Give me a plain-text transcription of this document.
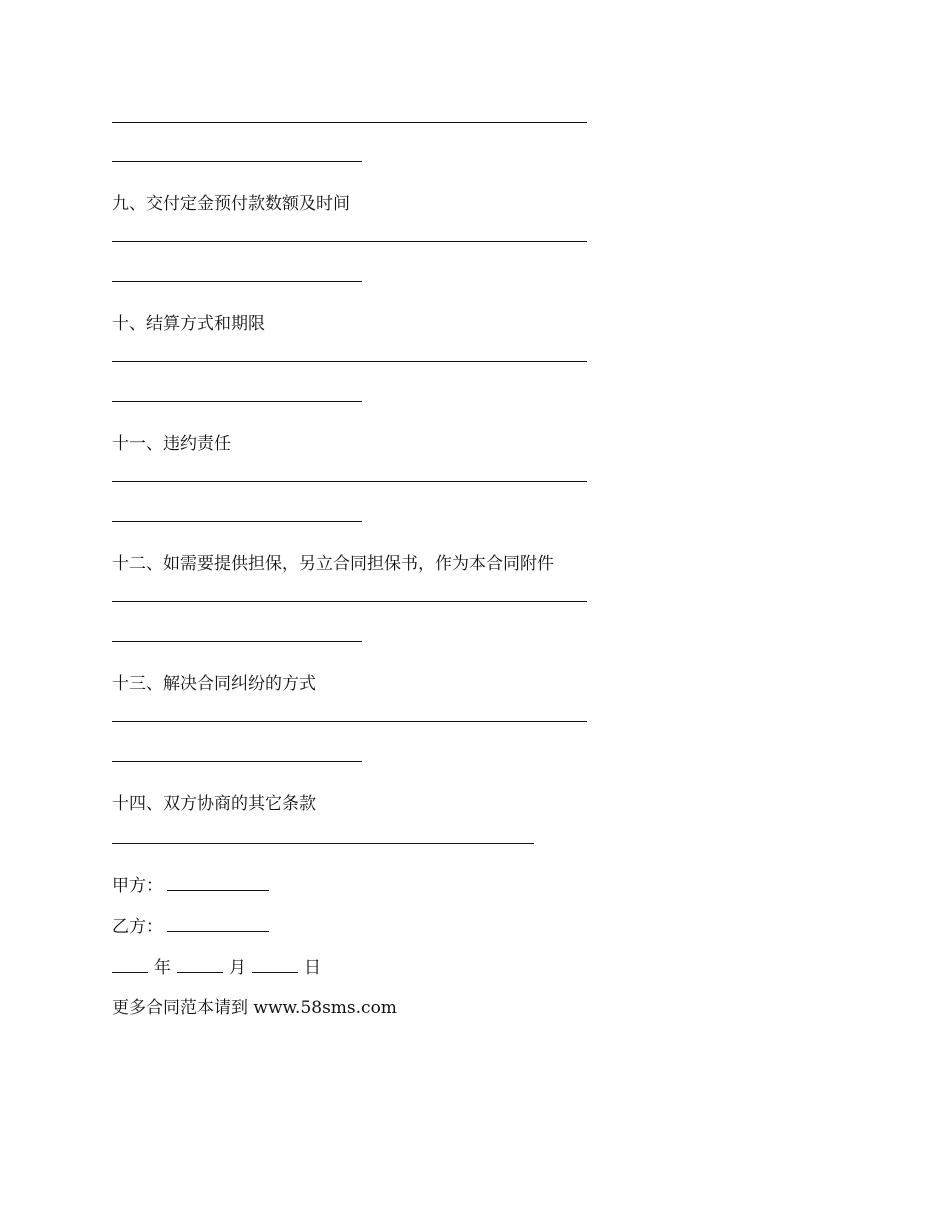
九、交付定金预付款数额及时间
十、结算方式和期限
十一、违约责任
十二、如需要提供担保，另立合同担保书，作为本合同附件
十三、解决合同纠纷的方式
十四、双方协商的其它条款
甲方：
乙方：
年	月	日
更多合同范本请到 www.58sms.com
